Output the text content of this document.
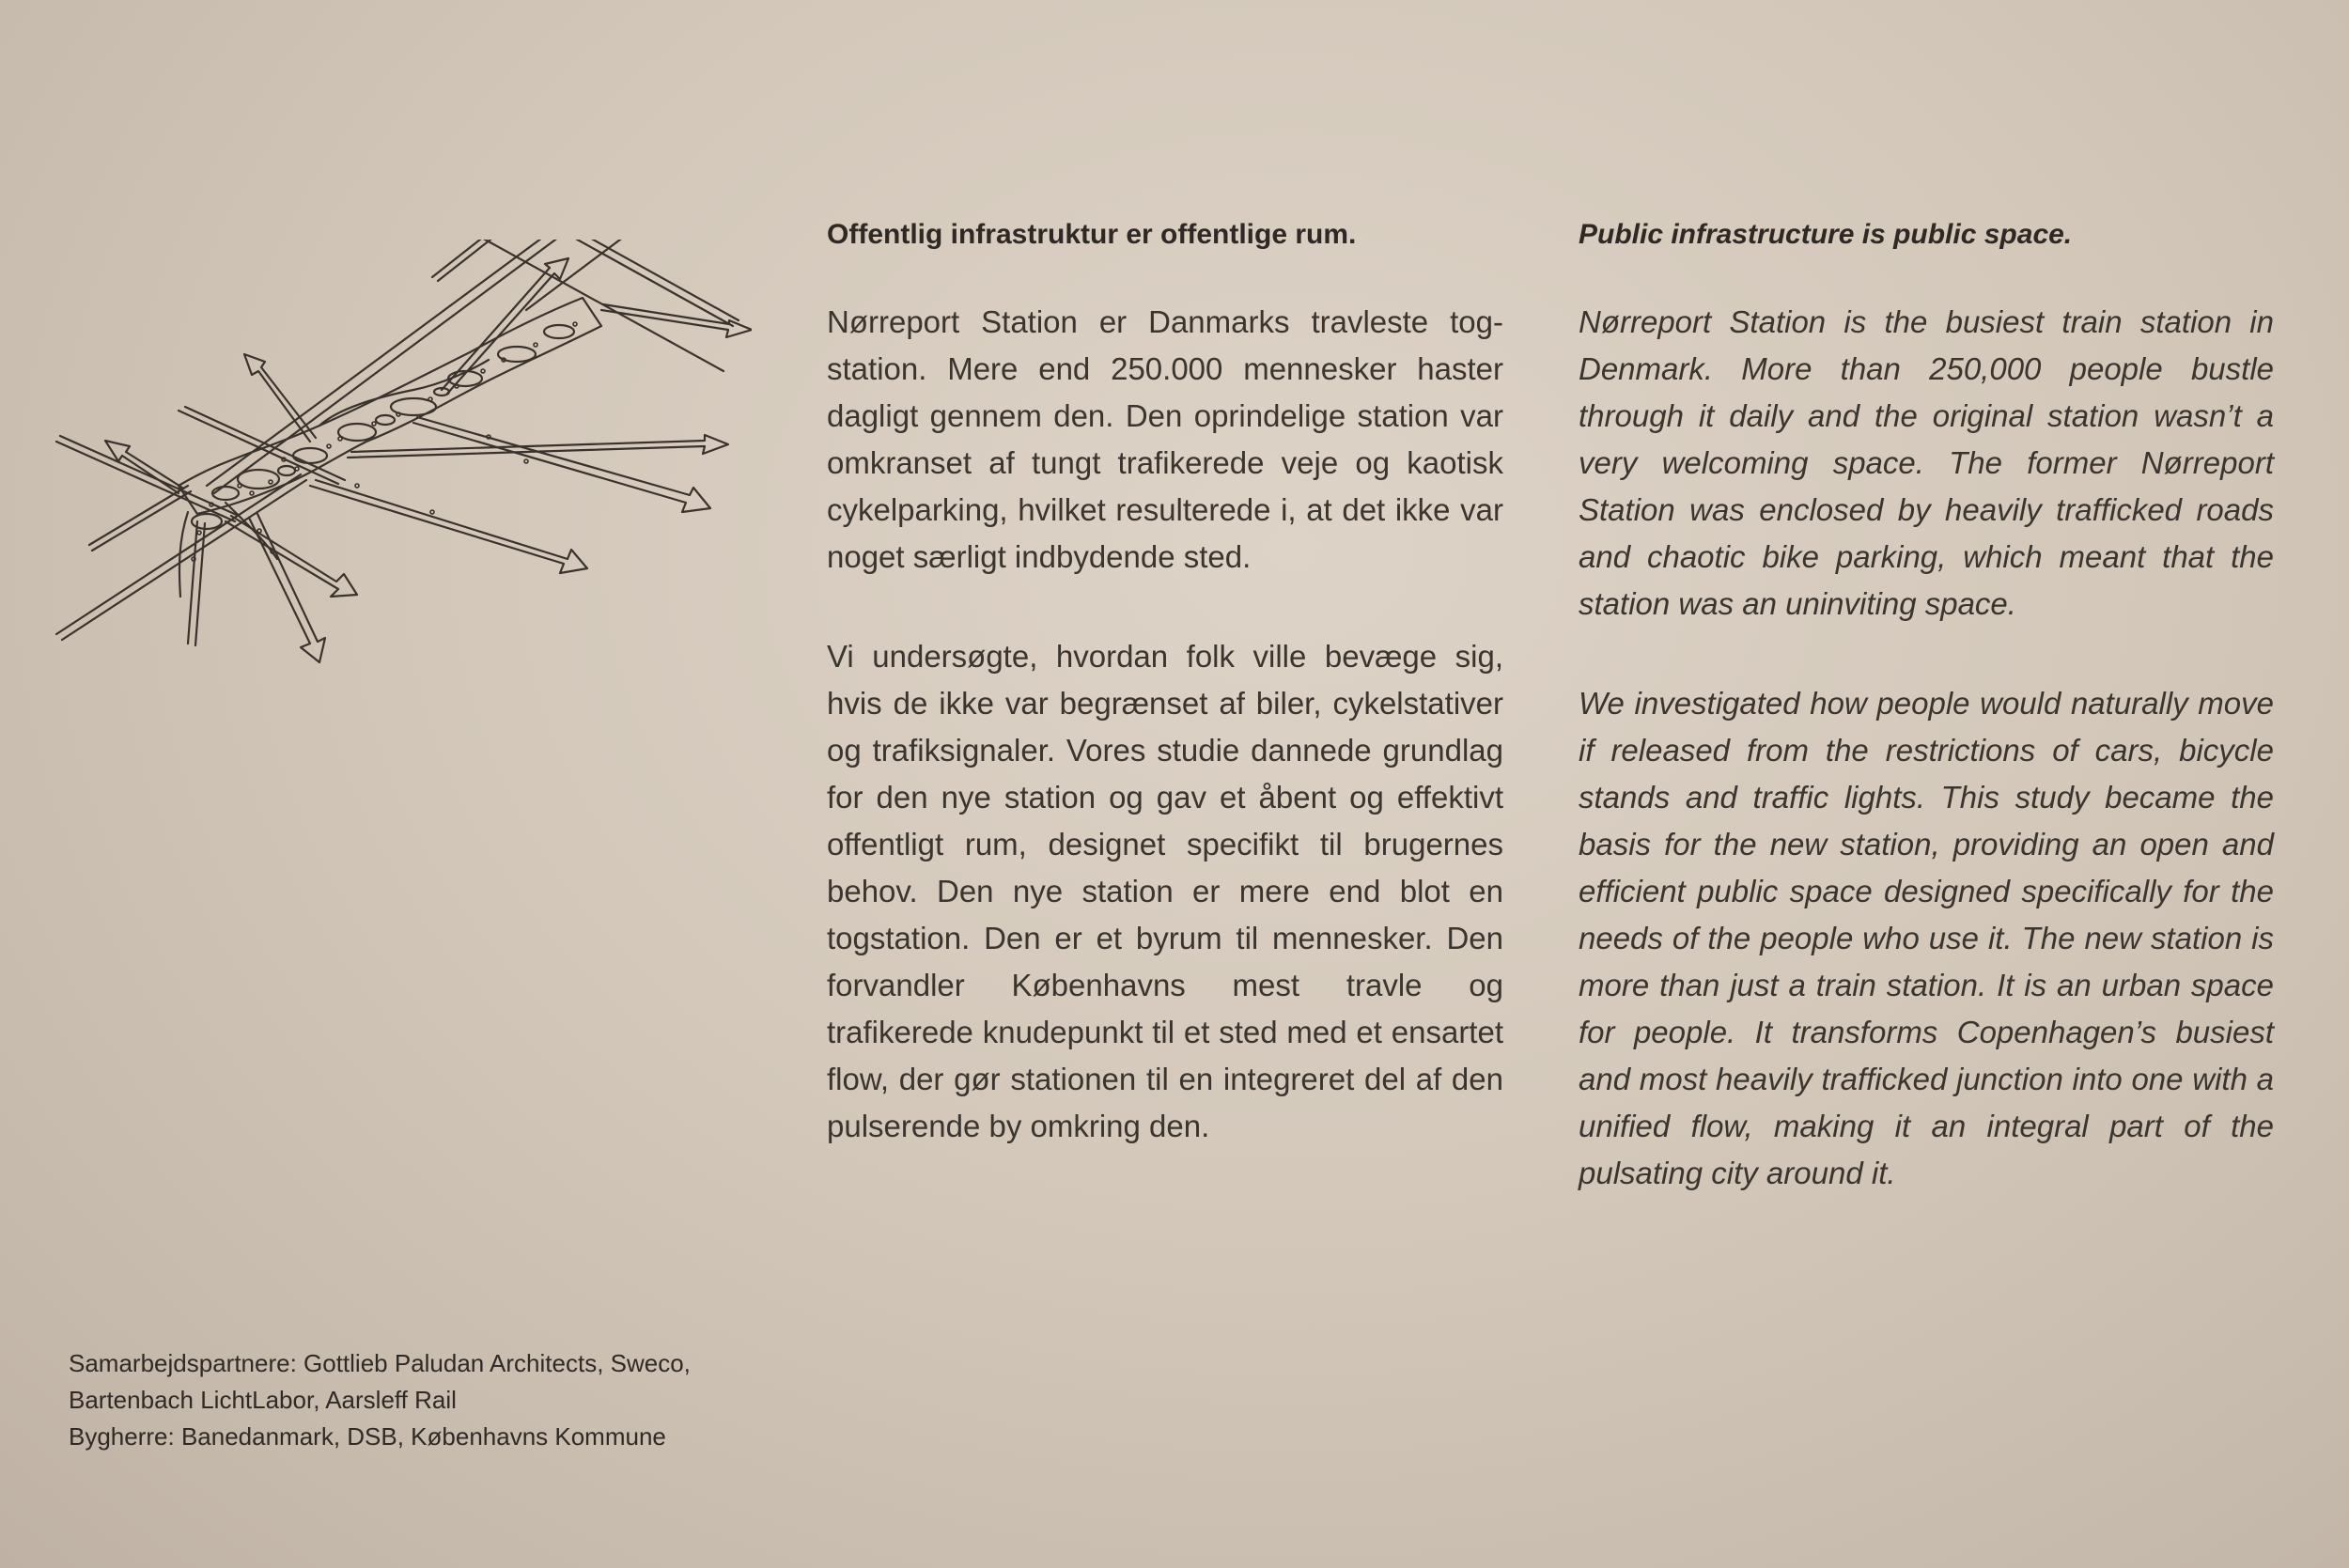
Offentlig infrastruktur er offentlige rum.

Nørreport Station er Danmarks travleste togstation. Mere end 250.000 mennesker haster dagligt gennem den. Den oprindelige station var omkranset af tungt trafikerede veje og kaotisk cykelparking, hvilket resulterede i, at det ikke var noget særligt indbydende sted.

Vi undersøgte, hvordan folk ville bevæge sig, hvis de ikke var begrænset af biler, cykelstativer og trafiksignaler. Vores studie dannede grundlag for den nye station og gav et åbent og effektivt offentligt rum, designet specifikt til brugernes behov. Den nye station er mere end blot en togstation. Den er et byrum til mennesker. Den forvandler Københavns mest travle og trafikerede knudepunkt til et sted med et ensartet flow, der gør stationen til en integreret del af den pulserende by omkring den.

Public infrastructure is public space.

Nørreport Station is the busiest train station in Denmark. More than 250,000 people bustle through it daily and the original station wasn’t a very welcoming space. The former Nørreport Station was enclosed by heavily trafficked roads and chaotic bike parking, which meant that the station was an uninviting space.

We investigated how people would naturally move if released from the restrictions of cars, bicycle stands and traffic lights. This study became the basis for the new station, providing an open and efficient public space designed specifically for the needs of the people who use it. The new station is more than just a train station. It is an urban space for people. It transforms Copenhagen’s busiest and most heavily trafficked junction into one with a unified flow, making it an integral part of the pulsating city around it.

Samarbejdspartnere: Gottlieb Paludan Architects, Sweco,
Bartenbach LichtLabor, Aarsleff Rail
Bygherre: Banedanmark, DSB, Københavns Kommune
